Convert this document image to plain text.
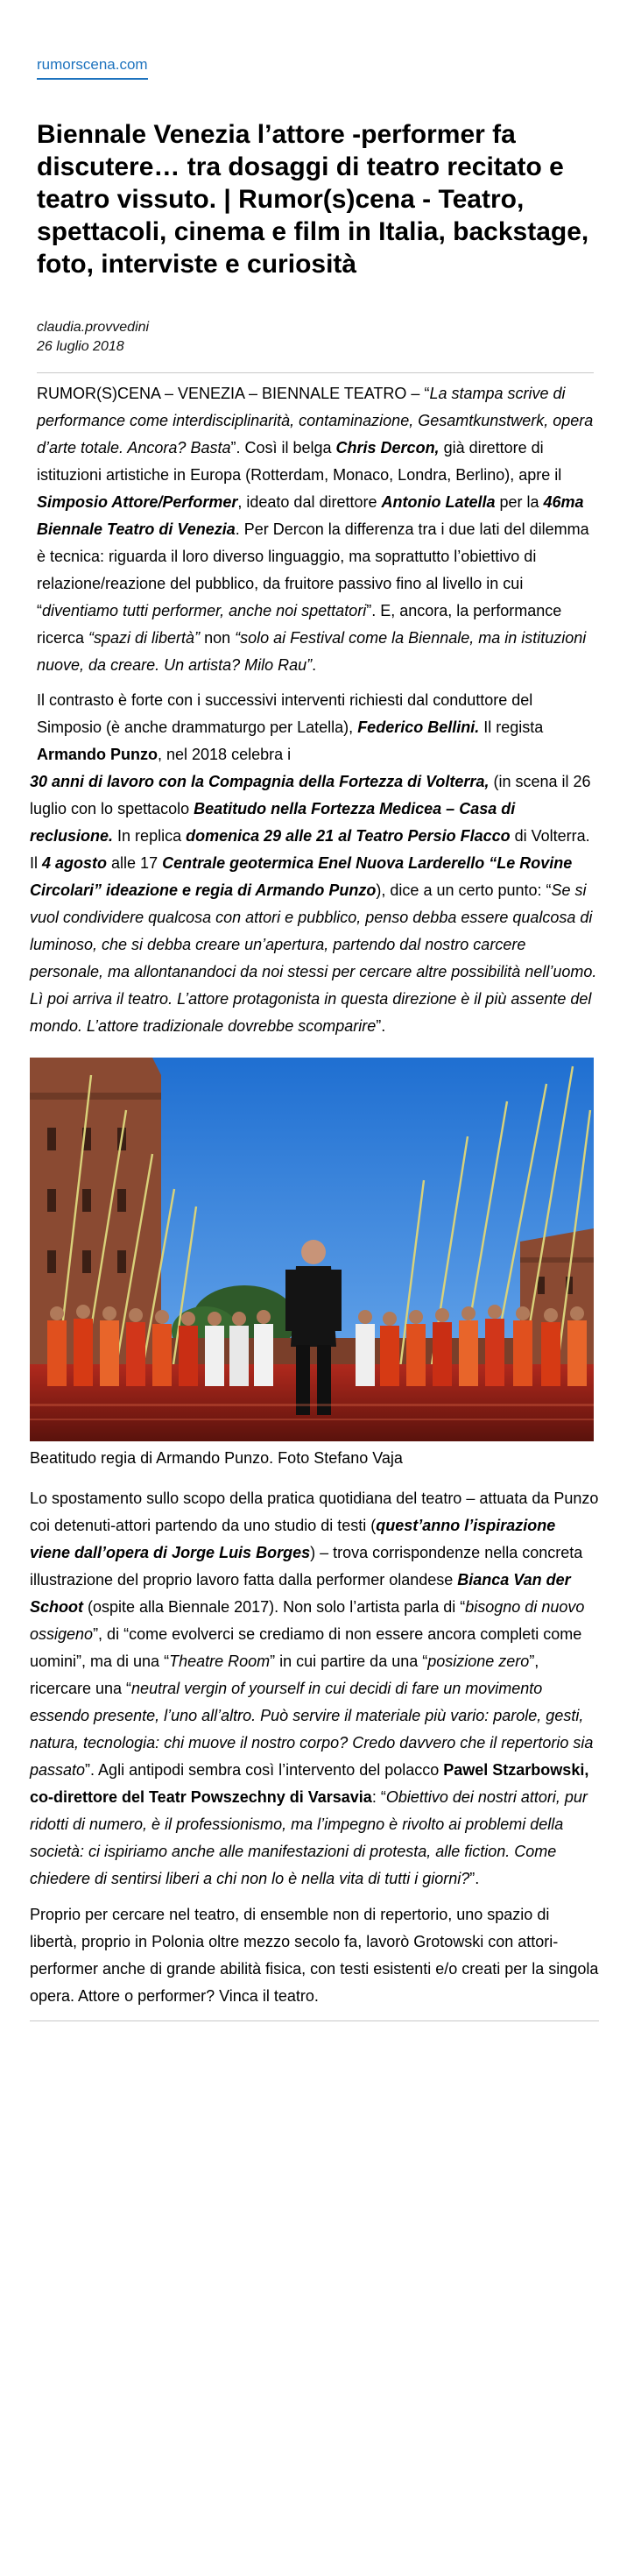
rumorscena.com
Biennale Venezia l’attore -performer fa discutere… tra dosaggi di teatro recitato e teatro vissuto. | Rumor(s)cena - Teatro, spettacoli, cinema e film in Italia, backstage, foto, interviste e curiosità
claudia.provvedini
26 luglio 2018

RUMOR(S)CENA – VENEZIA – BIENNALE TEATRO – “La stampa scrive di performance come interdisciplinarità, contaminazione, Gesamtkunstwerk, opera d’arte totale. Ancora? Basta”. Così il belga Chris Dercon, già direttore di istituzioni artistiche in Europa (Rotterdam, Monaco, Londra, Berlino), apre il Simposio Attore/Performer, ideato dal direttore Antonio Latella per la 46ma Biennale Teatro di Venezia. Per Dercon la differenza tra i due lati del dilemma è tecnica: riguarda il loro diverso linguaggio, ma soprattutto l’obiettivo di relazione/reazione del pubblico, da fruitore passivo fino al livello in cui “diventiamo tutti performer, anche noi spettatori”. E, ancora, la performance ricerca “spazi di libertà” non “solo ai Festival come la Biennale, ma in istituzioni nuove, da creare. Un artista? Milo Rau”.

Il contrasto è forte con i successivi interventi richiesti dal conduttore del Simposio (è anche drammaturgo per Latella), Federico Bellini. Il regista Armando Punzo, nel 2018 celebra i

30 anni di lavoro con la Compagnia della Fortezza di Volterra, (in scena il 26 luglio con lo spettacolo Beatitudo nella Fortezza Medicea – Casa di reclusione. In replica domenica 29 alle 21 al Teatro Persio Flacco di Volterra. Il 4 agosto alle 17 Centrale geotermica Enel Nuova Larderello “Le Rovine Circolari” ideazione e regia di Armando Punzo), dice a un certo punto: “Se si vuol condividere qualcosa con attori e pubblico, penso debba essere qualcosa di luminoso, che si debba creare un’apertura, partendo dal nostro carcere personale, ma allontanandoci da noi stessi per cercare altre possibilità nell’uomo. Lì poi arriva il teatro. L’attore protagonista in questa direzione è il più assente del mondo. L’attore tradizionale dovrebbe scomparire”.

Beatitudo regia di Armando Punzo. Foto Stefano Vaja

Lo spostamento sullo scopo della pratica quotidiana del teatro – attuata da Punzo coi detenuti-attori partendo da uno studio di testi (quest’anno l’ispirazione viene dall’opera di Jorge Luis Borges) – trova corrispondenze nella concreta illustrazione del proprio lavoro fatta dalla performer olandese Bianca Van der Schoot (ospite alla Biennale 2017). Non solo l’artista parla di “bisogno di nuovo ossigeno”, di “come evolverci se crediamo di non essere ancora completi come uomini”, ma di una “Theatre Room” in cui partire da una “posizione zero”, ricercare una “neutral vergin of yourself in cui decidi di fare un movimento essendo presente, l’uno all’altro. Può servire il materiale più vario: parole, gesti, natura, tecnologia: chi muove il nostro corpo? Credo davvero che il repertorio sia passato”. Agli antipodi sembra così l’intervento del polacco Pawel Stzarbowski, co-direttore del Teatr Powszechny di Varsavia: “Obiettivo dei nostri attori, pur ridotti di numero, è il professionismo, ma l’impegno è rivolto ai problemi della società: ci ispiriamo anche alle manifestazioni di protesta, alle fiction. Come chiedere di sentirsi liberi a chi non lo è nella vita di tutti i giorni?”.

Proprio per cercare nel teatro, di ensemble non di repertorio, uno spazio di libertà, proprio in Polonia oltre mezzo secolo fa, lavorò Grotowski con attori-performer anche di grande abilità fisica, con testi esistenti e/o creati per la singola opera. Attore o performer? Vinca il teatro.
